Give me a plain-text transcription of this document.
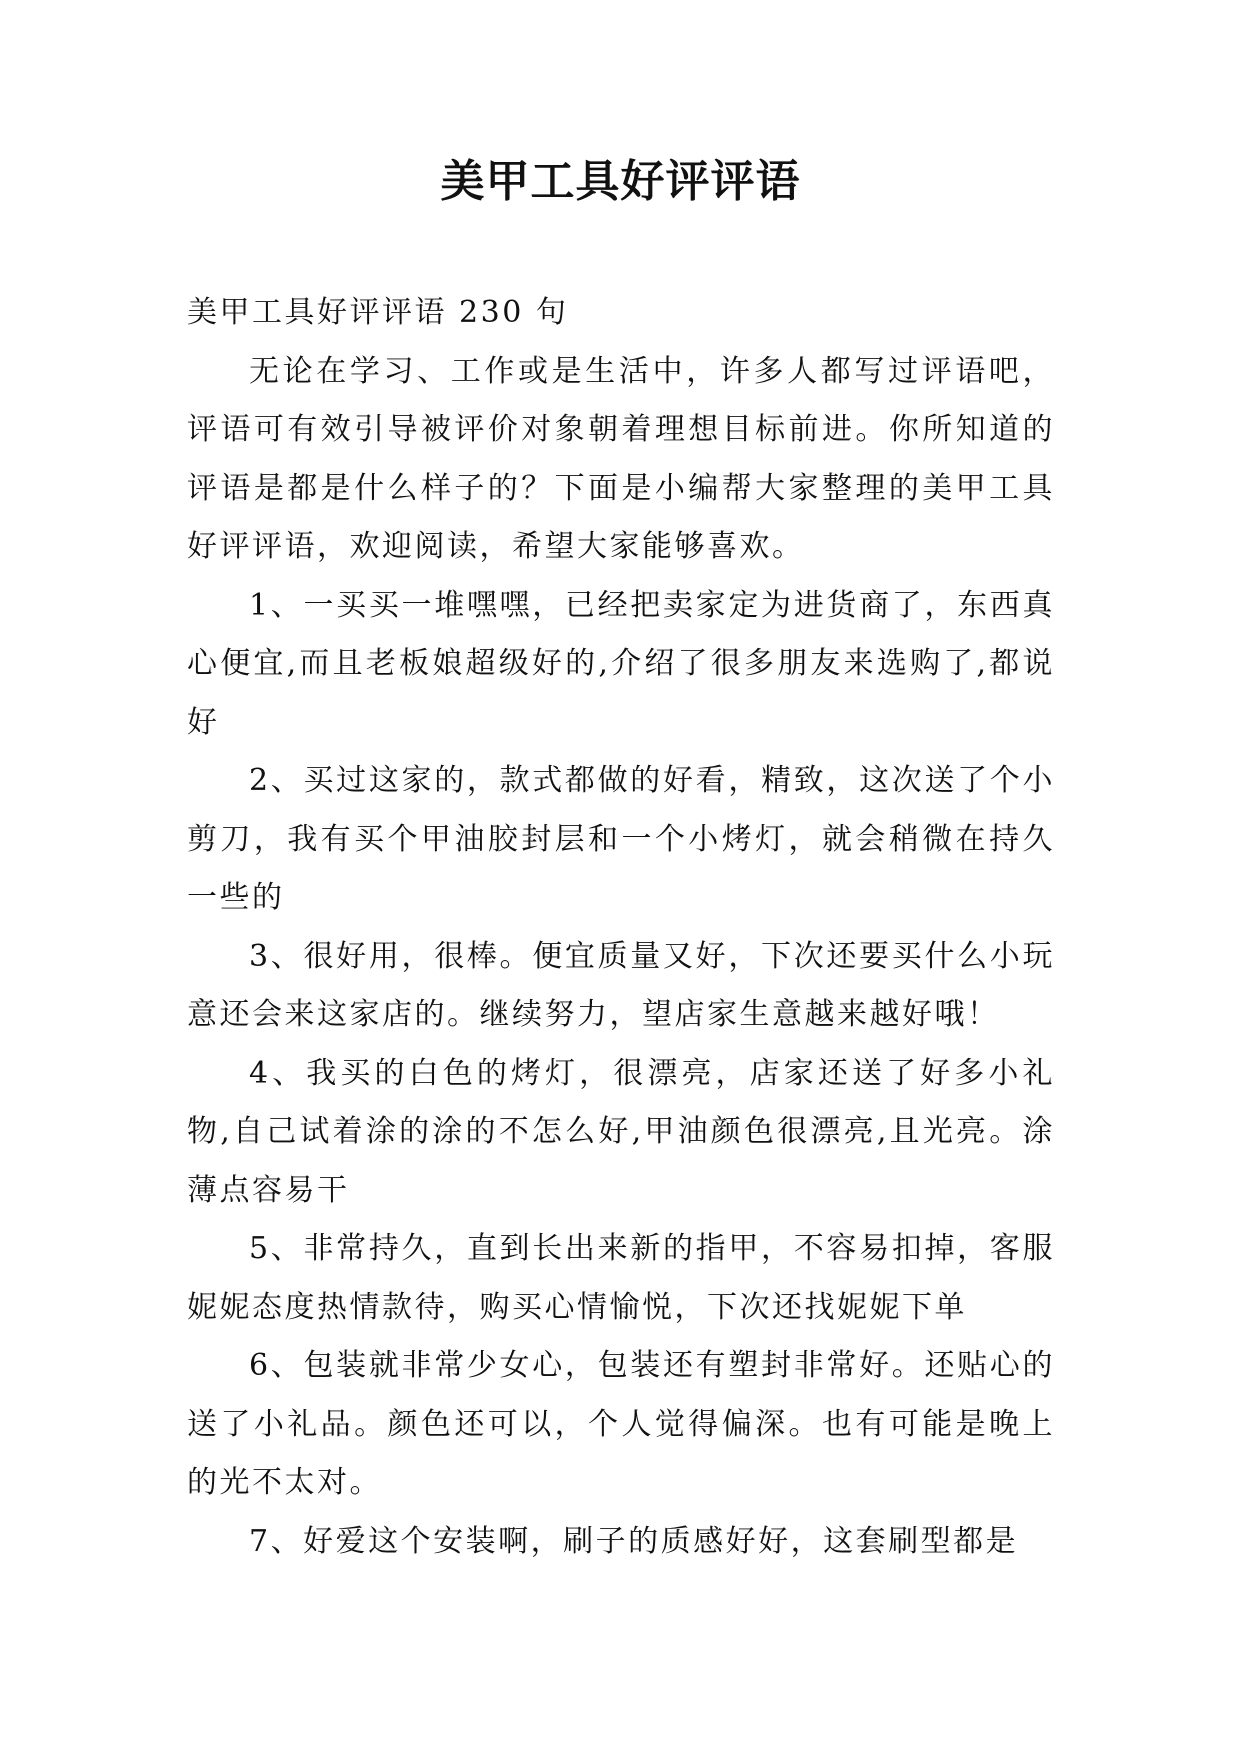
美甲工具好评评语

美甲工具好评评语 230 句

无论在学习、工作或是生活中，许多人都写过评语吧，评语可有效引导被评价对象朝着理想目标前进。你所知道的评语是都是什么样子的？下面是小编帮大家整理的美甲工具好评评语，欢迎阅读，希望大家能够喜欢。

1、一买买一堆嘿嘿，已经把卖家定为进货商了，东西真心便宜,而且老板娘超级好的,介绍了很多朋友来选购了,都说好

2、买过这家的，款式都做的好看，精致，这次送了个小剪刀，我有买个甲油胶封层和一个小烤灯，就会稍微在持久一些的

3、很好用，很棒。便宜质量又好，下次还要买什么小玩意还会来这家店的。继续努力，望店家生意越来越好哦！

4、我买的白色的烤灯，很漂亮，店家还送了好多小礼物,自己试着涂的涂的不怎么好,甲油颜色很漂亮,且光亮。涂薄点容易干

5、非常持久，直到长出来新的指甲，不容易扣掉，客服妮妮态度热情款待，购买心情愉悦，下次还找妮妮下单

6、包装就非常少女心，包装还有塑封非常好。还贴心的送了小礼品。颜色还可以，个人觉得偏深。也有可能是晚上的光不太对。

7、好爱这个安装啊，刷子的质感好好，这套刷型都是
